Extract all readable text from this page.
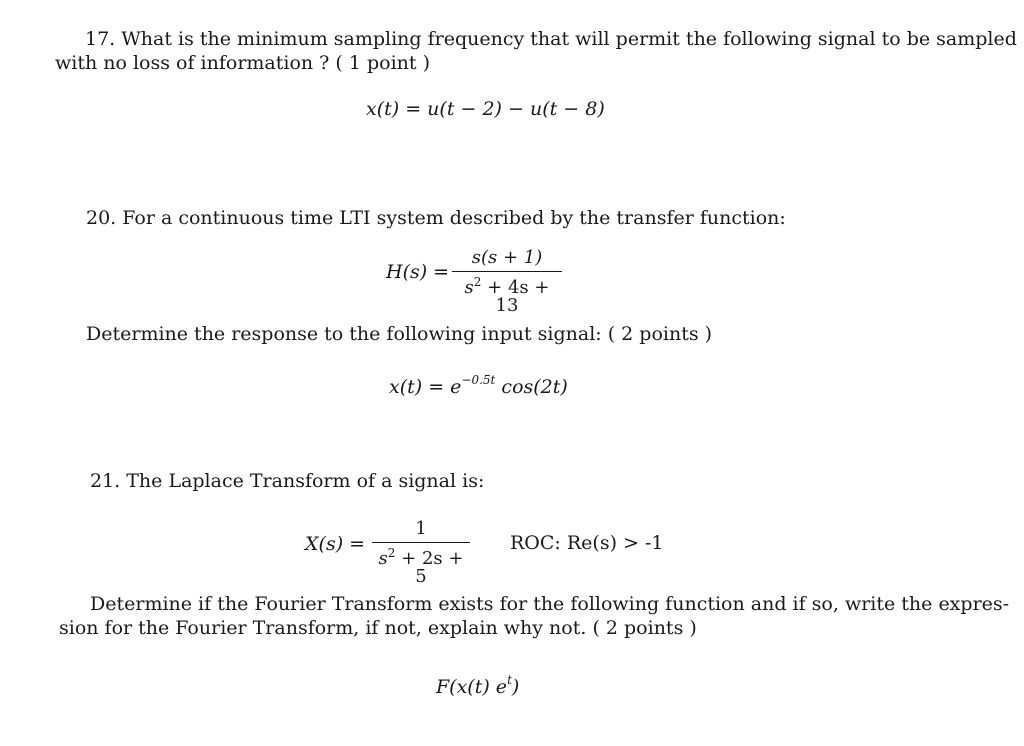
17. What is the minimum sampling frequency that will permit the following signal to be sampled
with no loss of information ? ( 1 point )
x(t) = u(t − 2) − u(t − 8)
20. For a continuous time LTI system described by the transfer function:
$H(s) = \frac{s(s + 1)}{s^2 + 4s + 13}$
Determine the response to the following input signal: ( 2 points )
$x(t) = e^{-0.5t}$ cos(2t)
21. The Laplace Transform of a signal is:
$X(s) = \frac{1}{s^2 + 2s + 5}$ ROC: Re(s) > -1
Determine if the Fourier Transform exists for the following function and if so, write the expres-
sion for the Fourier Transform, if not, explain why not. ( 2 points )
F(x(t) $e^t$)
